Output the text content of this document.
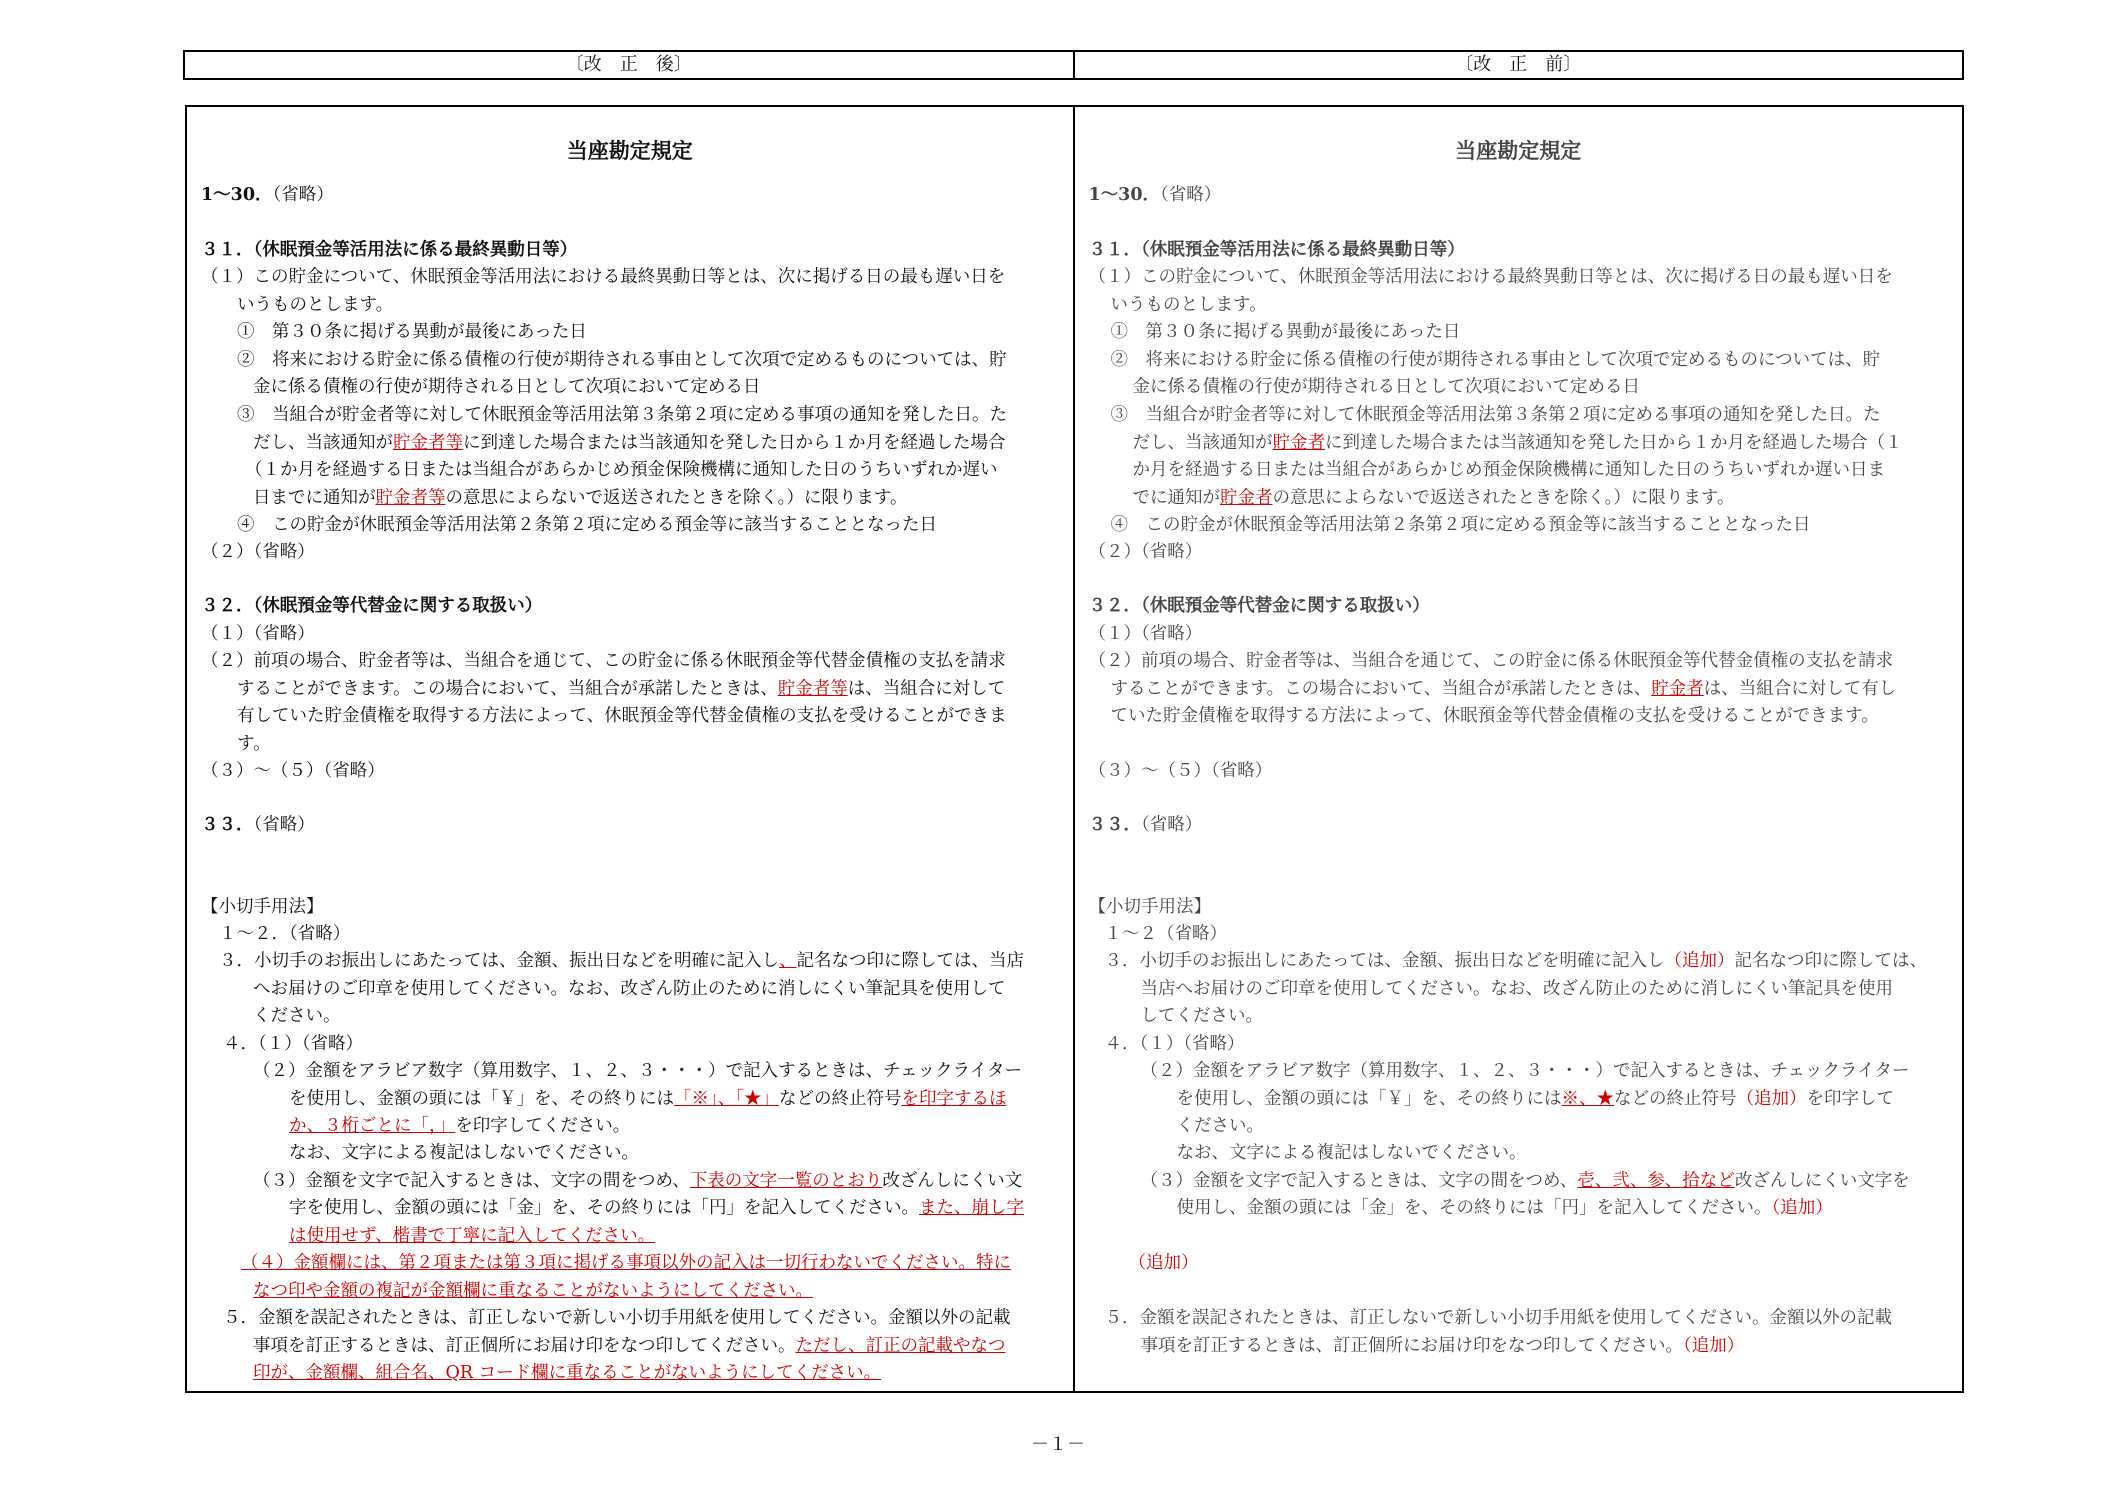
〔改　正　後〕	〔改　正　前〕
当座勘定規定
1～30．（省略）
３１．（休眠預金等活用法に係る最終異動日等）
（１）この貯金について、休眠預金等活用法における最終異動日等とは、次に掲げる日の最も遅い日を
いうものとします。
①　第３０条に掲げる異動が最後にあった日
②　将来における貯金に係る債権の行使が期待される事由として次項で定めるものについては、貯
金に係る債権の行使が期待される日として次項において定める日
③　当組合が貯金者等に対して休眠預金等活用法第３条第２項に定める事項の通知を発した日。た
だし、当該通知が貯金者等に到達した場合または当該通知を発した日から１か月を経過した場合
（１か月を経過する日または当組合があらかじめ預金保険機構に通知した日のうちいずれか遅い
日までに通知が貯金者等の意思によらないで返送されたときを除く。）に限ります。
④　この貯金が休眠預金等活用法第２条第２項に定める預金等に該当することとなった日
（２）（省略）
３２．（休眠預金等代替金に関する取扱い）
（１）（省略）
（２）前項の場合、貯金者等は、当組合を通じて、この貯金に係る休眠預金等代替金債権の支払を請求
することができます。この場合において、当組合が承諾したときは、貯金者等は、当組合に対して
有していた貯金債権を取得する方法によって、休眠預金等代替金債権の支払を受けることができま
す。
（３）～（５）（省略）
３３．（省略）
【小切手用法】
１～２．（省略）
３．小切手のお振出しにあたっては、金額、振出日などを明確に記入し、記名なつ印に際しては、当店
へお届けのご印章を使用してください。なお、改ざん防止のために消しにくい筆記具を使用して
ください。
４．（１）（省略）
（２）金額をアラビア数字（算用数字、１、２、３・・・）で記入するときは、チェックライター
を使用し、金額の頭には「￥」を、その終りには「※」、「★」などの終止符号を印字するほ
か、３桁ごとに「，」を印字してください。
なお、文字による複記はしないでください。
（３）金額を文字で記入するときは、文字の間をつめ、下表の文字一覧のとおり改ざんしにくい文
字を使用し、金額の頭には「金」を、その終りには「円」を記入してください。また、崩し字
は使用せず、楷書で丁寧に記入してください。
（４）金額欄には、第２項または第３項に掲げる事項以外の記入は一切行わないでください。特に
なつ印や金額の複記が金額欄に重なることがないようにしてください。
５．金額を誤記されたときは、訂正しないで新しい小切手用紙を使用してください。金額以外の記載
事項を訂正するときは、訂正個所にお届け印をなつ印してください。ただし、訂正の記載やなつ
印が、金額欄、組合名、QR コード欄に重なることがないようにしてください。
当座勘定規定
1～30．（省略）
３１．（休眠預金等活用法に係る最終異動日等）
（１）この貯金について、休眠預金等活用法における最終異動日等とは、次に掲げる日の最も遅い日を
いうものとします。
①　第３０条に掲げる異動が最後にあった日
②　将来における貯金に係る債権の行使が期待される事由として次項で定めるものについては、貯
金に係る債権の行使が期待される日として次項において定める日
③　当組合が貯金者等に対して休眠預金等活用法第３条第２項に定める事項の通知を発した日。た
だし、当該通知が貯金者に到達した場合または当該通知を発した日から１か月を経過した場合（１
か月を経過する日または当組合があらかじめ預金保険機構に通知した日のうちいずれか遅い日ま
でに通知が貯金者の意思によらないで返送されたときを除く。）に限ります。
④　この貯金が休眠預金等活用法第２条第２項に定める預金等に該当することとなった日
（２）（省略）
３２．（休眠預金等代替金に関する取扱い）
（１）（省略）
（２）前項の場合、貯金者等は、当組合を通じて、この貯金に係る休眠預金等代替金債権の支払を請求
することができます。この場合において、当組合が承諾したときは、貯金者は、当組合に対して有し
ていた貯金債権を取得する方法によって、休眠預金等代替金債権の支払を受けることができます。
（３）～（５）（省略）
３３．（省略）
【小切手用法】
１～２（省略）
３．小切手のお振出しにあたっては、金額、振出日などを明確に記入し（追加）記名なつ印に際しては、
当店へお届けのご印章を使用してください。なお、改ざん防止のために消しにくい筆記具を使用
してください。
４．（１）（省略）
（２）金額をアラビア数字（算用数字、１、２、３・・・）で記入するときは、チェックライター
を使用し、金額の頭には「￥」を、その終りには※、★などの終止符号（追加）を印字して
ください。
なお、文字による複記はしないでください。
（３）金額を文字で記入するときは、文字の間をつめ、壱、弐、参、拾など改ざんしにくい文字を
使用し、金額の頭には「金」を、その終りには「円」を記入してください。（追加）
（追加）
５．金額を誤記されたときは、訂正しないで新しい小切手用紙を使用してください。金額以外の記載
事項を訂正するときは、訂正個所にお届け印をなつ印してください。（追加）
－１－
